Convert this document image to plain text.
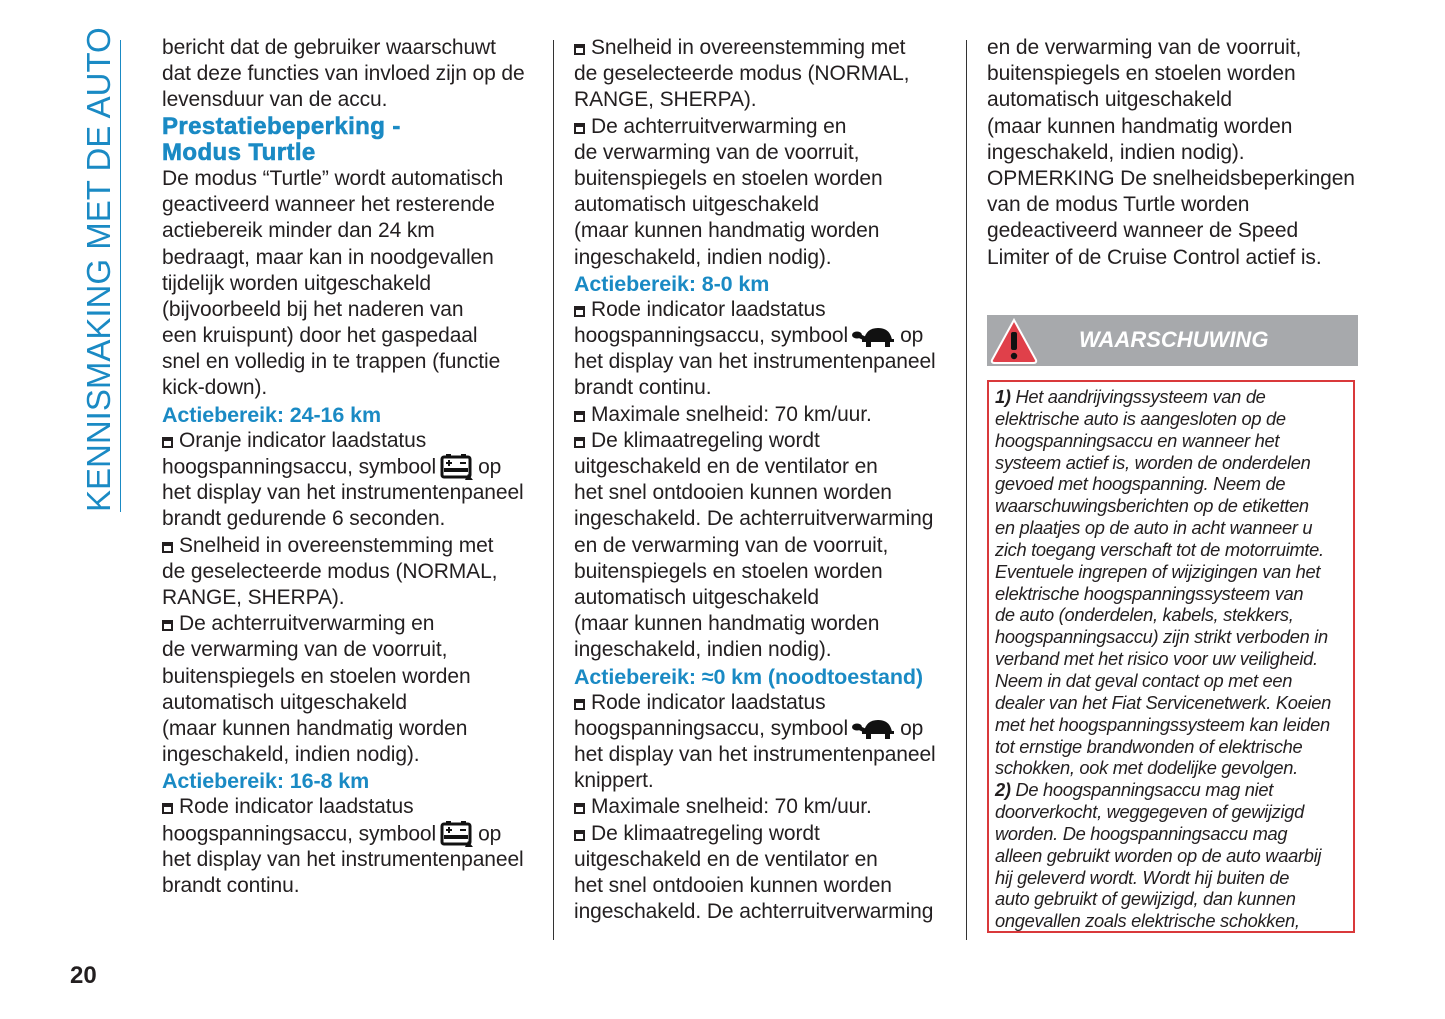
KENNISMAKING MET DE AUTO bericht dat de gebruiker waarschuwt
dat deze functies van invloed zijn op de
levensduur van de accu.
Prestatiebeperking -
Modus Turtle
De modus “Turtle” wordt automatisch
geactiveerd wanneer het resterende
actiebereik minder dan 24 km
bedraagt, maar kan in noodgevallen
tijdelijk worden uitgeschakeld
(bijvoorbeeld bij het naderen van
een kruispunt) door het gaspedaal
snel en volledig in te trappen (functie
kick-down).
Actiebereik: 24-16 km
Oranje indicator laadstatus
hoogspanningsaccu, symbool op
het display van het instrumentenpaneel
brandt gedurende 6 seconden.
Snelheid in overeenstemming met
de geselecteerde modus (NORMAL,
RANGE, SHERPA).
De achterruitverwarming en
de verwarming van de voorruit,
buitenspiegels en stoelen worden
automatisch uitgeschakeld
(maar kunnen handmatig worden
ingeschakeld, indien nodig).
Actiebereik: 16-8 km
Rode indicator laadstatus
hoogspanningsaccu, symbool op
het display van het instrumentenpaneel
brandt continu.
Snelheid in overeenstemming met
de geselecteerde modus (NORMAL,
RANGE, SHERPA).
De achterruitverwarming en
de verwarming van de voorruit,
buitenspiegels en stoelen worden
automatisch uitgeschakeld
(maar kunnen handmatig worden
ingeschakeld, indien nodig).
Actiebereik: 8-0 km
Rode indicator laadstatus
hoogspanningsaccu, symbool op
het display van het instrumentenpaneel
brandt continu.
Maximale snelheid: 70 km/uur.
De klimaatregeling wordt
uitgeschakeld en de ventilator en
het snel ontdooien kunnen worden
ingeschakeld. De achterruitverwarming
en de verwarming van de voorruit,
buitenspiegels en stoelen worden
automatisch uitgeschakeld
(maar kunnen handmatig worden
ingeschakeld, indien nodig).
Actiebereik: ≈0 km (noodtoestand)
Rode indicator laadstatus
hoogspanningsaccu, symbool op
het display van het instrumentenpaneel
knippert.
Maximale snelheid: 70 km/uur.
De klimaatregeling wordt
uitgeschakeld en de ventilator en
het snel ontdooien kunnen worden
ingeschakeld. De achterruitverwarming
en de verwarming van de voorruit,
buitenspiegels en stoelen worden
automatisch uitgeschakeld
(maar kunnen handmatig worden
ingeschakeld, indien nodig).
OPMERKING De snelheidsbeperkingen
van de modus Turtle worden
gedeactiveerd wanneer de Speed
Limiter of de Cruise Control actief is.
WAARSCHUWING
1) Het aandrijvingssysteem van de
elektrische auto is aangesloten op de
hoogspanningsaccu en wanneer het
systeem actief is, worden de onderdelen
gevoed met hoogspanning. Neem de
waarschuwingsberichten op de etiketten
en plaatjes op de auto in acht wanneer u
zich toegang verschaft tot de motorruimte.
Eventuele ingrepen of wijzigingen van het
elektrische hoogspanningssysteem van
de auto (onderdelen, kabels, stekkers,
hoogspanningsaccu) zijn strikt verboden in
verband met het risico voor uw veiligheid.
Neem in dat geval contact op met een
dealer van het Fiat Servicenetwerk. Koeien
met het hoogspanningssysteem kan leiden
tot ernstige brandwonden of elektrische
schokken, ook met dodelijke gevolgen.
2) De hoogspanningsaccu mag niet
doorverkocht, weggegeven of gewijzigd
worden. De hoogspanningsaccu mag
alleen gebruikt worden op de auto waarbij
hij geleverd wordt. Wordt hij buiten de
auto gebruikt of gewijzigd, dan kunnen
ongevallen zoals elektrische schokken,
20
